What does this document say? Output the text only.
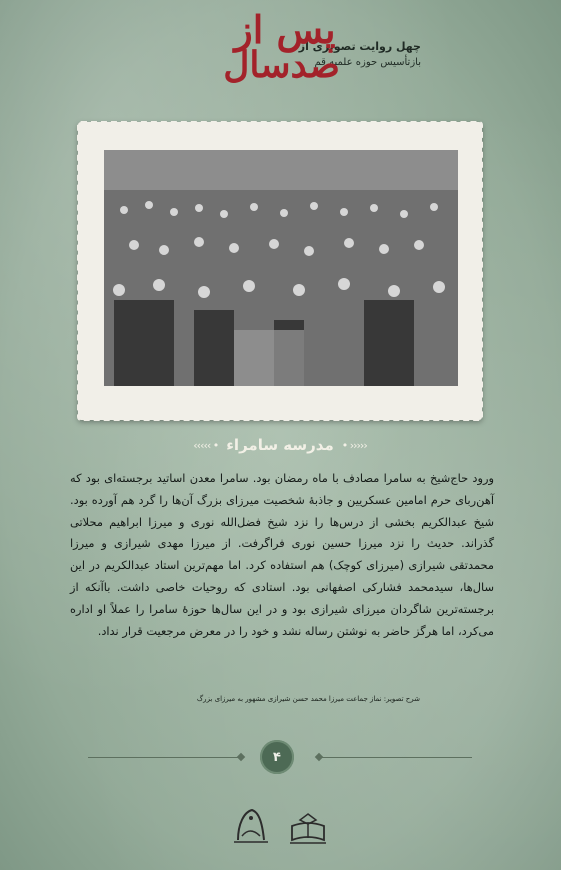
چهل روایت تصویری از
بازتأسیس حوزه علمیه قم
پس از
صدسال
‹‹‹‹‹ •
مدرسه سامراء
• ›››››
ورود حاج‌شیخ به سامرا مصادف با ماه رمضان بود. سامرا معدن اساتید برجسته‌ای بود که آهن‌ربای حرم امامین عسکریین و جاذبهٔ شخصیت میرزای بزرگ آن‌ها را گرد هم آورده بود. شیخ عبدالکریم بخشی از درس‌ها را نزد شیخ فضل‌الله نوری و میرزا ابراهیم محلاتی گذراند. حدیث را نزد میرزا حسین نوری فراگرفت. از میرزا مهدی شیرازی و میرزا محمدتقی شیرازی (میرزای کوچک) هم استفاده کرد. اما مهم‌ترین استاد عبدالکریم در این سال‌ها، سیدمحمد فشارکی اصفهانی بود. استادی که روحیات خاصی داشت. باآنکه از برجسته‌ترین شاگردان میرزای شیرازی بود و در این سال‌ها حوزهٔ سامرا را عملاً او اداره می‌کرد، اما هرگز حاضر به نوشتن رساله نشد و خود را در معرض مرجعیت قرار نداد.
شرح تصویر: نماز جماعت میرزا محمد حسن شیرازی مشهور به میرزای بزرگ
۴
